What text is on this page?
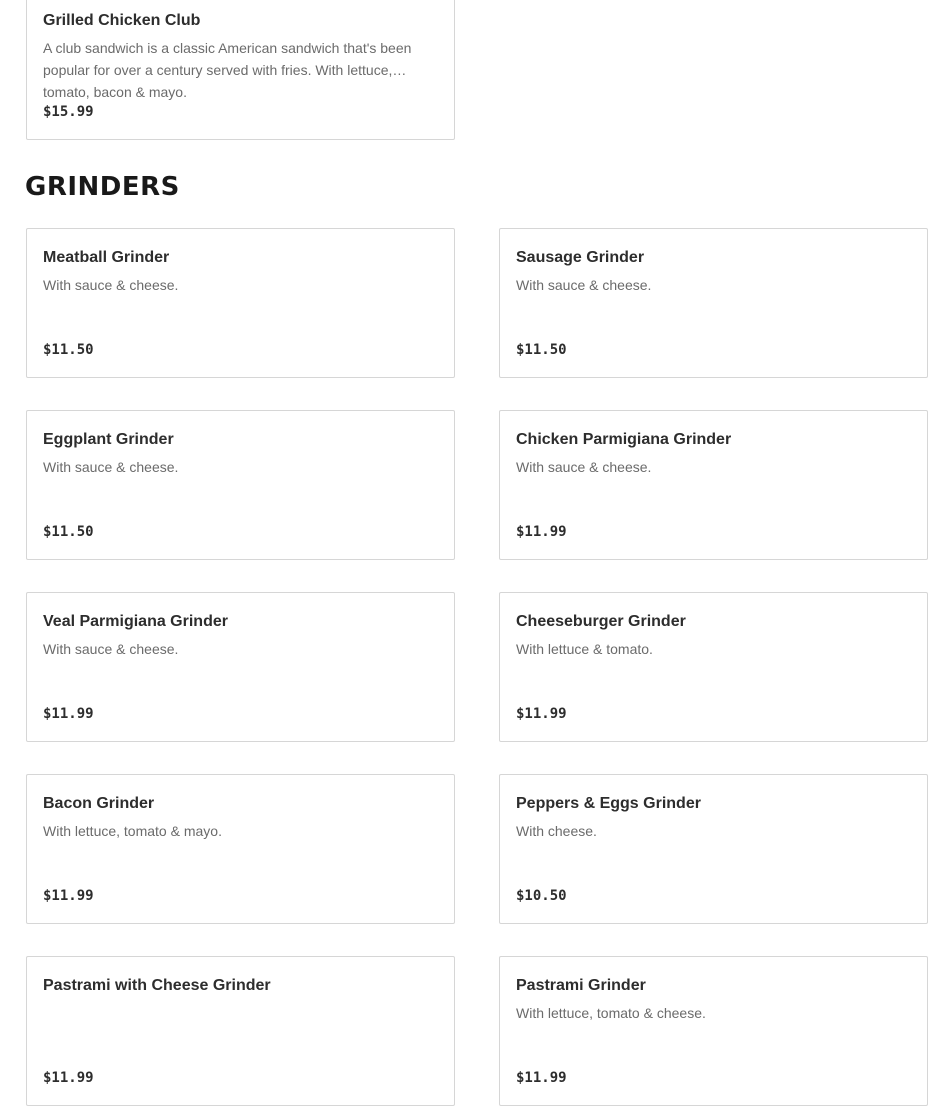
Grilled Chicken Club
A club sandwich is a classic American sandwich that's been popular for over a century served with fries. With lettuce, tomato, bacon & mayo.
$15.99
GRINDERS
Meatball Grinder
With sauce & cheese.
$11.50
Sausage Grinder
With sauce & cheese.
$11.50
Eggplant Grinder
With sauce & cheese.
$11.50
Chicken Parmigiana Grinder
With sauce & cheese.
$11.99
Veal Parmigiana Grinder
With sauce & cheese.
$11.99
Cheeseburger Grinder
With lettuce & tomato.
$11.99
Bacon Grinder
With lettuce, tomato & mayo.
$11.99
Peppers & Eggs Grinder
With cheese.
$10.50
Pastrami with Cheese Grinder
$11.99
Pastrami Grinder
With lettuce, tomato & cheese.
$11.99
